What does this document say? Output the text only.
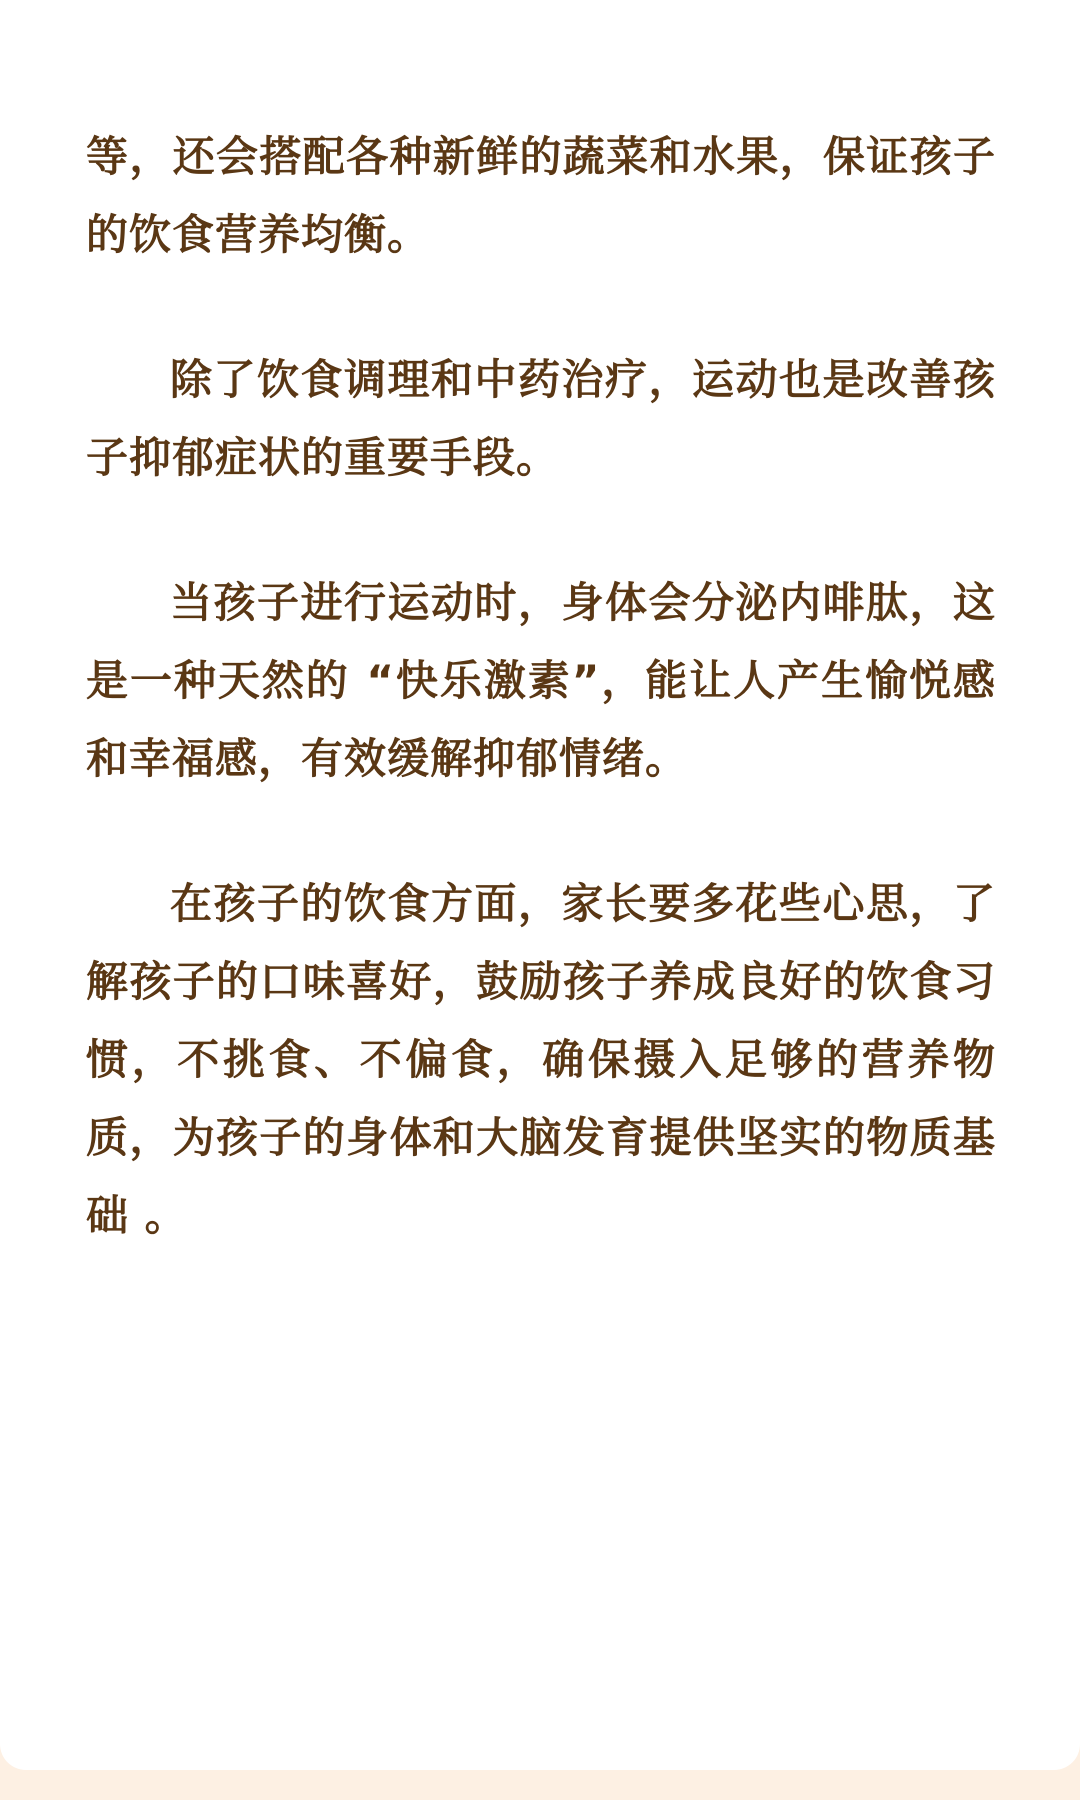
等，还会搭配各种新鲜的蔬菜和水果，保证孩子的饮食营养均衡。

除了饮食调理和中药治疗，运动也是改善孩子抑郁症状的重要手段。

当孩子进行运动时，身体会分泌内啡肽，这是一种天然的 “快乐激素”，能让人产生愉悦感和幸福感，有效缓解抑郁情绪。

在孩子的饮食方面，家长要多花些心思，了解孩子的口味喜好，鼓励孩子养成良好的饮食习惯，不挑食、不偏食，确保摄入足够的营养物质，为孩子的身体和大脑发育提供坚实的物质基础 。
